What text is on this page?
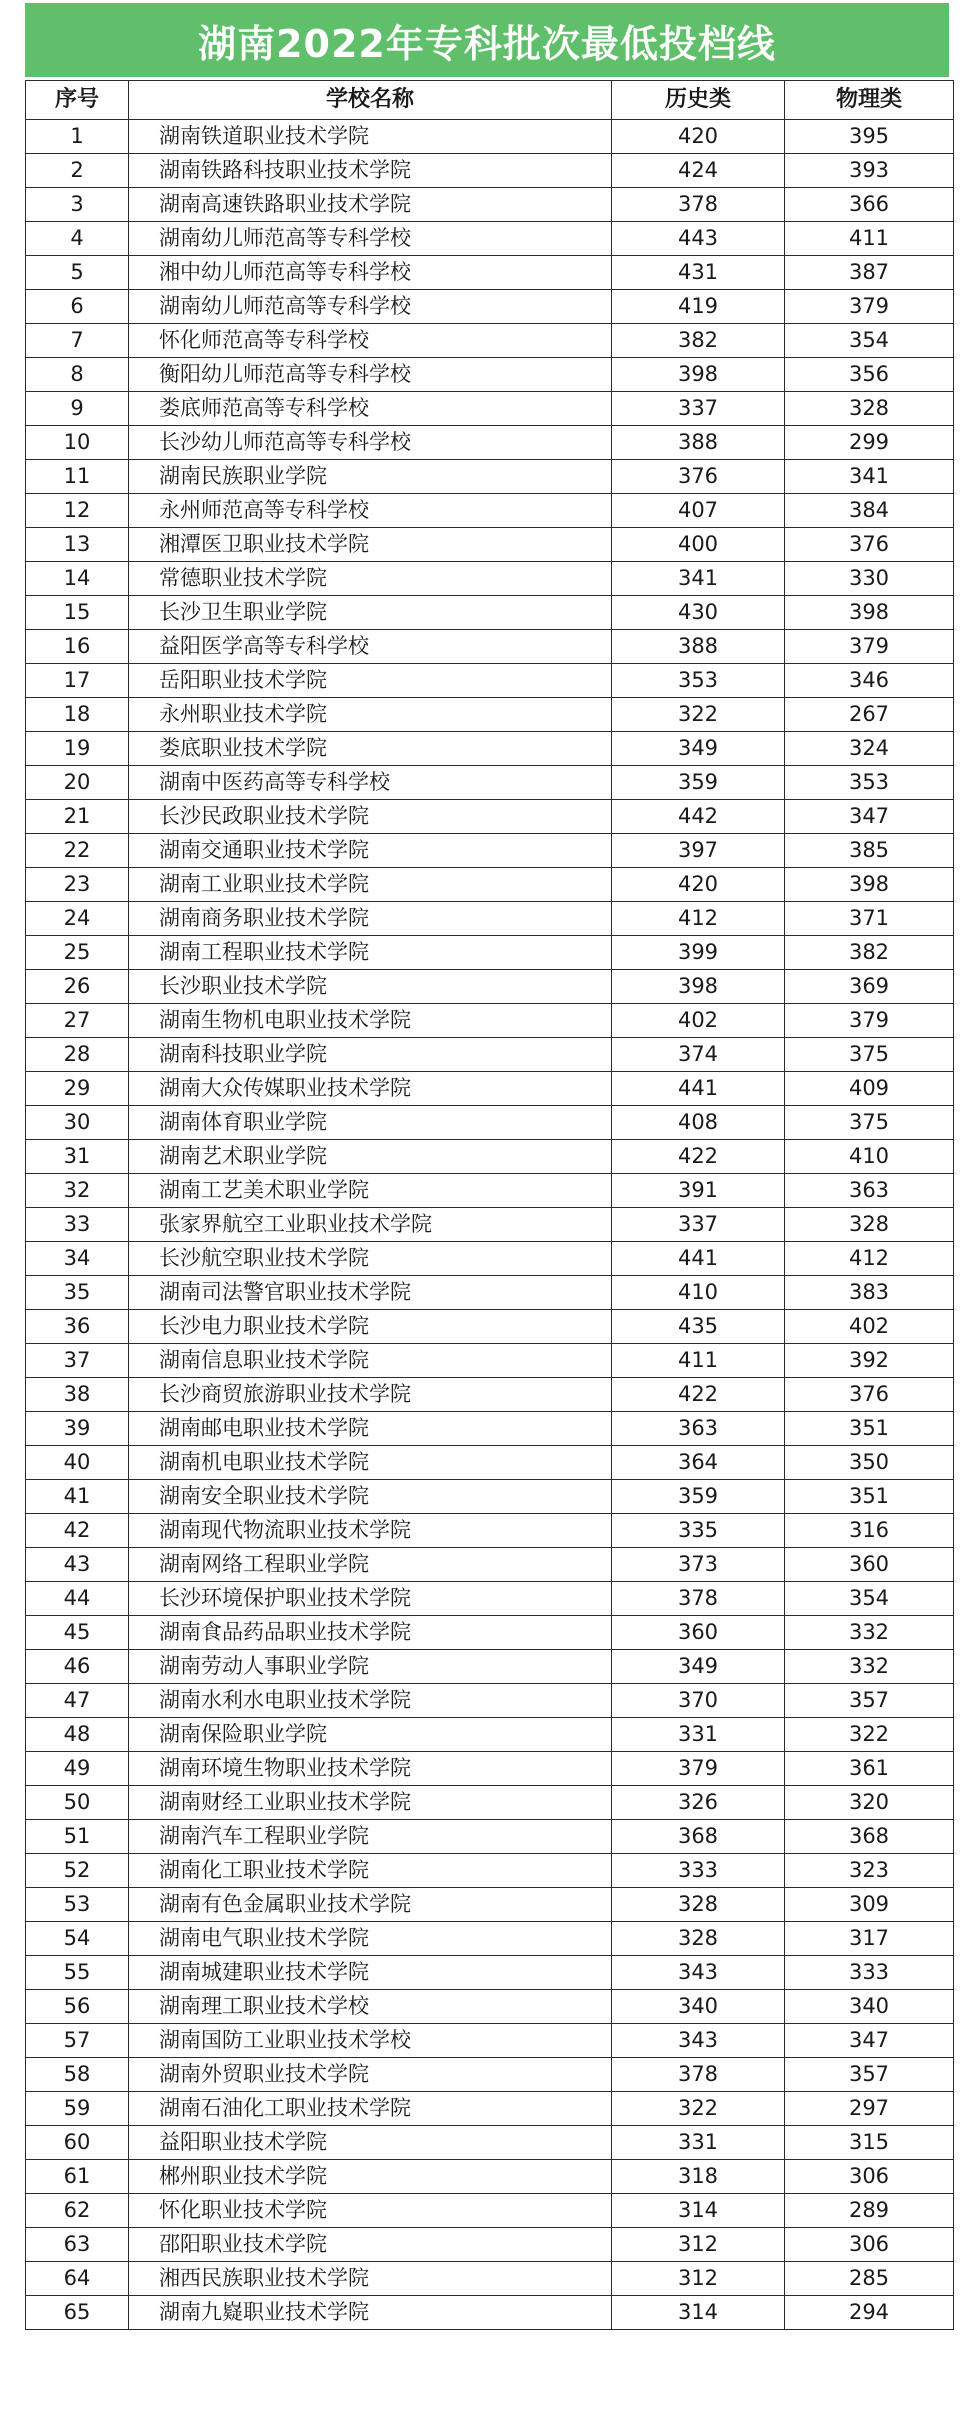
湖南2022年专科批次最低投档线
序号	学校名称	历史类	物理类
1	湖南铁道职业技术学院	420	395
2	湖南铁路科技职业技术学院	424	393
3	湖南高速铁路职业技术学院	378	366
4	湖南幼儿师范高等专科学校	443	411
5	湘中幼儿师范高等专科学校	431	387
6	湖南幼儿师范高等专科学校	419	379
7	怀化师范高等专科学校	382	354
8	衡阳幼儿师范高等专科学校	398	356
9	娄底师范高等专科学校	337	328
10	长沙幼儿师范高等专科学校	388	299
11	湖南民族职业学院	376	341
12	永州师范高等专科学校	407	384
13	湘潭医卫职业技术学院	400	376
14	常德职业技术学院	341	330
15	长沙卫生职业学院	430	398
16	益阳医学高等专科学校	388	379
17	岳阳职业技术学院	353	346
18	永州职业技术学院	322	267
19	娄底职业技术学院	349	324
20	湖南中医药高等专科学校	359	353
21	长沙民政职业技术学院	442	347
22	湖南交通职业技术学院	397	385
23	湖南工业职业技术学院	420	398
24	湖南商务职业技术学院	412	371
25	湖南工程职业技术学院	399	382
26	长沙职业技术学院	398	369
27	湖南生物机电职业技术学院	402	379
28	湖南科技职业学院	374	375
29	湖南大众传媒职业技术学院	441	409
30	湖南体育职业学院	408	375
31	湖南艺术职业学院	422	410
32	湖南工艺美术职业学院	391	363
33	张家界航空工业职业技术学院	337	328
34	长沙航空职业技术学院	441	412
35	湖南司法警官职业技术学院	410	383
36	长沙电力职业技术学院	435	402
37	湖南信息职业技术学院	411	392
38	长沙商贸旅游职业技术学院	422	376
39	湖南邮电职业技术学院	363	351
40	湖南机电职业技术学院	364	350
41	湖南安全职业技术学院	359	351
42	湖南现代物流职业技术学院	335	316
43	湖南网络工程职业学院	373	360
44	长沙环境保护职业技术学院	378	354
45	湖南食品药品职业技术学院	360	332
46	湖南劳动人事职业学院	349	332
47	湖南水利水电职业技术学院	370	357
48	湖南保险职业学院	331	322
49	湖南环境生物职业技术学院	379	361
50	湖南财经工业职业技术学院	326	320
51	湖南汽车工程职业学院	368	368
52	湖南化工职业技术学院	333	323
53	湖南有色金属职业技术学院	328	309
54	湖南电气职业技术学院	328	317
55	湖南城建职业技术学院	343	333
56	湖南理工职业技术学校	340	340
57	湖南国防工业职业技术学校	343	347
58	湖南外贸职业技术学院	378	357
59	湖南石油化工职业技术学院	322	297
60	益阳职业技术学院	331	315
61	郴州职业技术学院	318	306
62	怀化职业技术学院	314	289
63	邵阳职业技术学院	312	306
64	湘西民族职业技术学院	312	285
65	湖南九嶷职业技术学院	314	294
